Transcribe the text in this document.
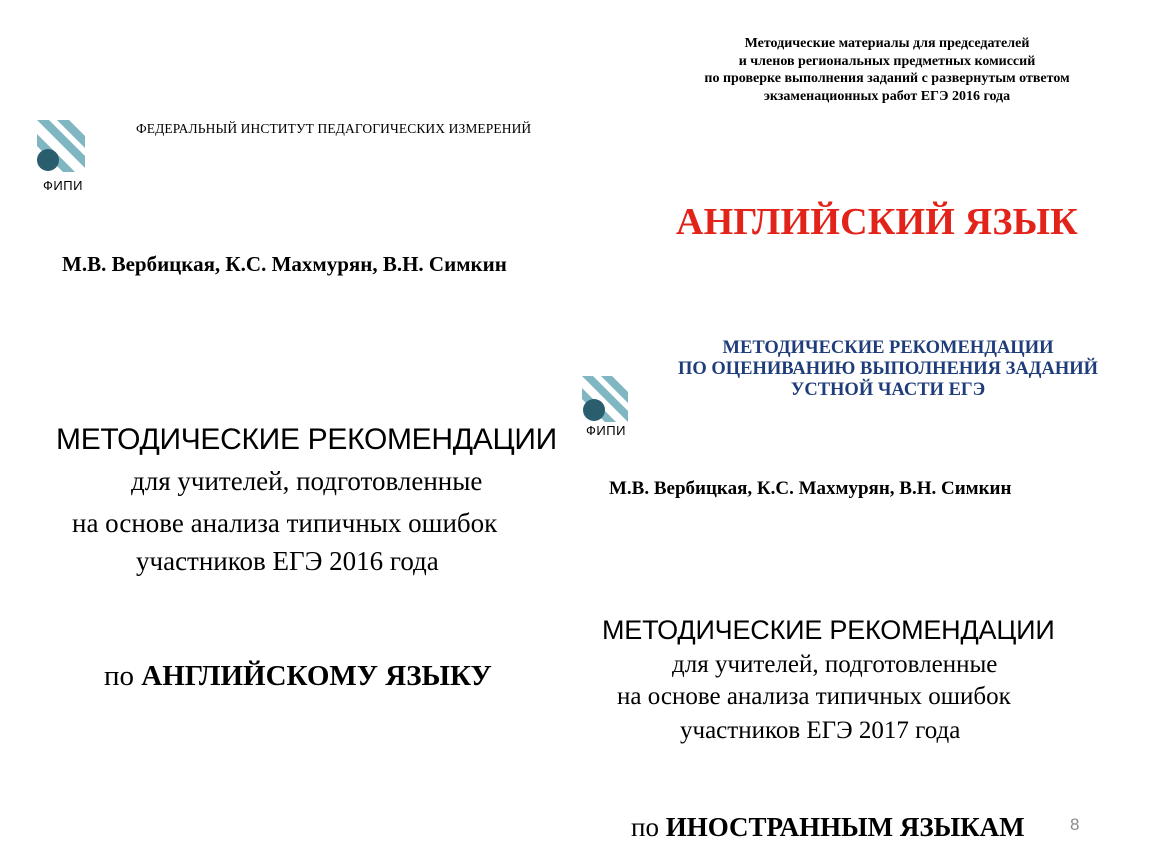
ФИПИ
ФЕДЕРАЛЬНЫЙ ИНСТИТУТ ПЕДАГОГИЧЕСКИХ ИЗМЕРЕНИЙ
М.В. Вербицкая, К.С. Махмурян, В.Н. Симкин
МЕТОДИЧЕСКИЕ РЕКОМЕНДАЦИИ
для учителей, подготовленные
на основе анализа типичных ошибок
участников ЕГЭ 2016 года
по АНГЛИЙСКОМУ ЯЗЫКУ
Методические материалы для председателей
и членов региональных предметных комиссий
по проверке выполнения заданий с развернутым ответом
экзаменационных работ ЕГЭ 2016 года
АНГЛИЙСКИЙ ЯЗЫК
МЕТОДИЧЕСКИЕ РЕКОМЕНДАЦИИ
ПО ОЦЕНИВАНИЮ ВЫПОЛНЕНИЯ ЗАДАНИЙ
УСТНОЙ ЧАСТИ ЕГЭ
ФИПИ
М.В. Вербицкая, К.С. Махмурян, В.Н. Симкин
МЕТОДИЧЕСКИЕ РЕКОМЕНДАЦИИ
для учителей, подготовленные
на основе анализа типичных ошибок
участников ЕГЭ 2017 года
по ИНОСТРАННЫМ ЯЗЫКАМ	8
